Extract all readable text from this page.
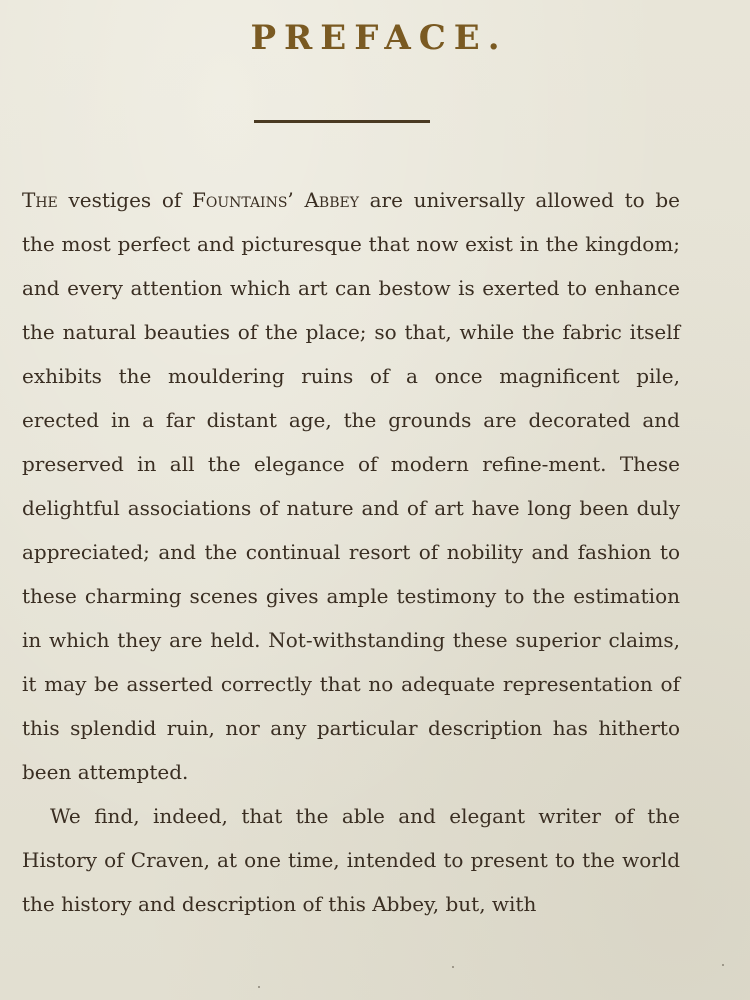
PREFACE.

The vestiges of Fountains’ Abbey are universally allowed to be the most perfect and picturesque that now exist in the kingdom; and every attention which art can bestow is exerted to enhance the natural beauties of the place; so that, while the fabric itself exhibits the mouldering ruins of a once magnificent pile, erected in a far distant age, the grounds are decorated and preserved in all the elegance of modern refine-ment. These delightful associations of nature and of art have long been duly appreciated; and the continual resort of nobility and fashion to these charming scenes gives ample testimony to the estimation in which they are held. Not-withstanding these superior claims, it may be asserted correctly that no adequate representation of this splendid ruin, nor any particular description has hitherto been attempted.

We find, indeed, that the able and elegant writer of the History of Craven, at one time, intended to present to the world the history and description of this Abbey, but, with
